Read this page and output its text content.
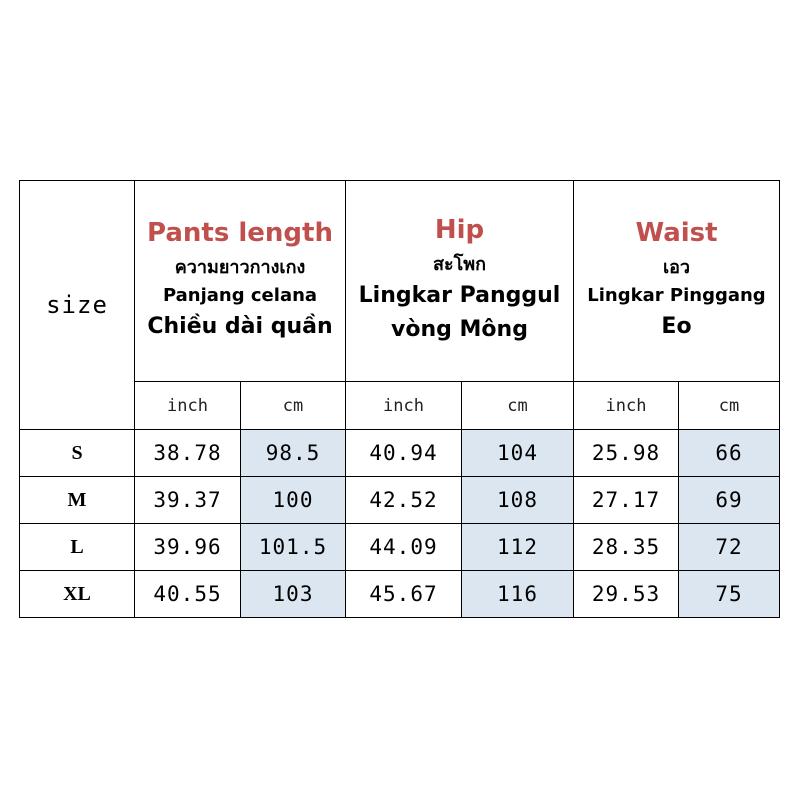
size
Pants length
ความยาวกางเกง
Panjang celana
Chiều dài quần
Hip
สะโพก
Lingkar Panggul
vòng Mông
Waist
เอว
Lingkar Pinggang
Eo
inch	cm	inch	cm	inch	cm
S	38.78	98.5	40.94	104	25.98	66
M	39.37	100	42.52	108	27.17	69
L	39.96	101.5	44.09	112	28.35	72
XL	40.55	103	45.67	116	29.53	75
